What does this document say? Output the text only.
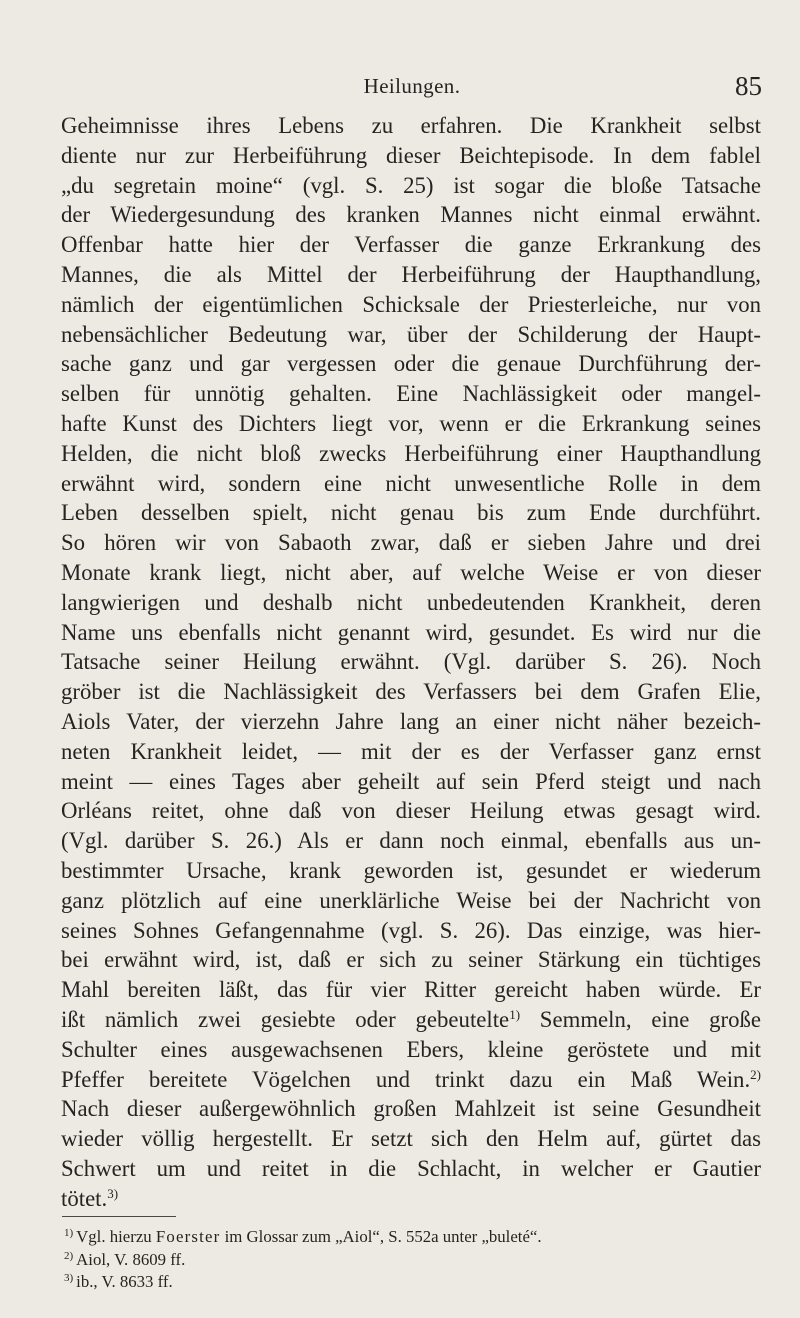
Heilungen.	85
Geheimnisse ihres Lebens zu erfahren. Die Krankheit selbst
diente nur zur Herbeiführung dieser Beichtepisode. In dem fablel
„du segretain moine“ (vgl. S. 25) ist sogar die bloße Tatsache
der Wiedergesundung des kranken Mannes nicht einmal erwähnt.
Offenbar hatte hier der Verfasser die ganze Erkrankung des
Mannes, die als Mittel der Herbeiführung der Haupthandlung,
nämlich der eigentümlichen Schicksale der Priesterleiche, nur von
nebensächlicher Bedeutung war, über der Schilderung der Haupt-
sache ganz und gar vergessen oder die genaue Durchführung der-
selben für unnötig gehalten. Eine Nachlässigkeit oder mangel-
hafte Kunst des Dichters liegt vor, wenn er die Erkrankung seines
Helden, die nicht bloß zwecks Herbeiführung einer Haupthandlung
erwähnt wird, sondern eine nicht unwesentliche Rolle in dem
Leben desselben spielt, nicht genau bis zum Ende durchführt.
So hören wir von Sabaoth zwar, daß er sieben Jahre und drei
Monate krank liegt, nicht aber, auf welche Weise er von dieser
langwierigen und deshalb nicht unbedeutenden Krankheit, deren
Name uns ebenfalls nicht genannt wird, gesundet. Es wird nur die
Tatsache seiner Heilung erwähnt. (Vgl. darüber S. 26). Noch
gröber ist die Nachlässigkeit des Verfassers bei dem Grafen Elie,
Aiols Vater, der vierzehn Jahre lang an einer nicht näher bezeich-
neten Krankheit leidet, — mit der es der Verfasser ganz ernst
meint — eines Tages aber geheilt auf sein Pferd steigt und nach
Orléans reitet, ohne daß von dieser Heilung etwas gesagt wird.
(Vgl. darüber S. 26.) Als er dann noch einmal, ebenfalls aus un-
bestimmter Ursache, krank geworden ist, gesundet er wiederum
ganz plötzlich auf eine unerklärliche Weise bei der Nachricht von
seines Sohnes Gefangennahme (vgl. S. 26). Das einzige, was hier-
bei erwähnt wird, ist, daß er sich zu seiner Stärkung ein tüchtiges
Mahl bereiten läßt, das für vier Ritter gereicht haben würde. Er
ißt nämlich zwei gesiebte oder gebeutelte$^{1)}$ Semmeln, eine große
Schulter eines ausgewachsenen Ebers, kleine geröstete und mit
Pfeffer bereitete Vögelchen und trinkt dazu ein Maß Wein.$^{2)}$
Nach dieser außergewöhnlich großen Mahlzeit ist seine Gesundheit
wieder völlig hergestellt. Er setzt sich den Helm auf, gürtet das
Schwert um und reitet in die Schlacht, in welcher er Gautier
tötet.$^{3)}$
$^{1)}$ Vgl. hierzu Foerster im Glossar zum „Aiol“, S. 552a unter „buleté“.
$^{2)}$ Aiol, V. 8609 ff.
$^{3)}$ ib., V. 8633 ff.
